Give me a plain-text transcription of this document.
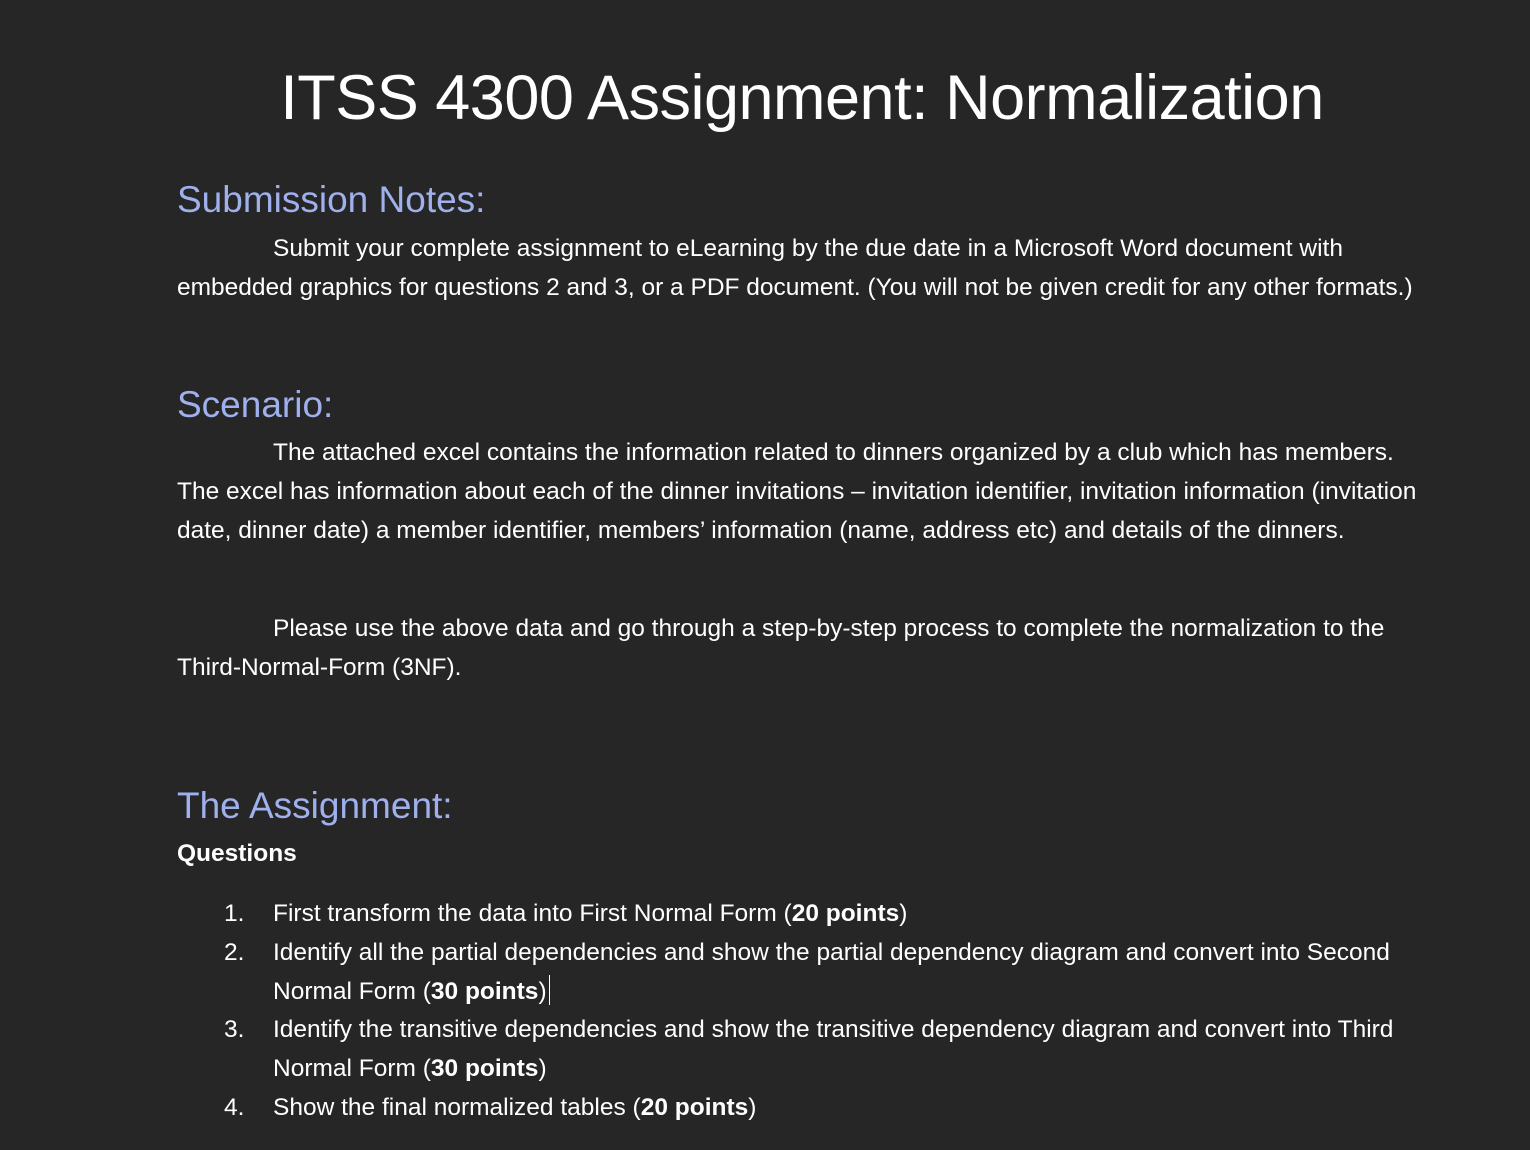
ITSS 4300 Assignment: Normalization
Submission Notes:

Submit your complete assignment to eLearning by the due date in a Microsoft Word document with embedded graphics for questions 2 and 3, or a PDF document. (You will not be given credit for any other formats.)

Scenario:

The attached excel contains the information related to dinners organized by a club which has members. The excel has information about each of the dinner invitations – invitation identifier, invitation information (invitation date, dinner date) a member identifier, members’ information (name, address etc) and details of the dinners.

Please use the above data and go through a step-by-step process to complete the normalization to the Third-Normal-Form (3NF).

The Assignment:

Questions

1. First transform the data into First Normal Form (20 points)
2. Identify all the partial dependencies and show the partial dependency diagram and convert into Second Normal Form (30 points)
3. Identify the transitive dependencies and show the transitive dependency diagram and convert into Third Normal Form (30 points)
4. Show the final normalized tables (20 points)
